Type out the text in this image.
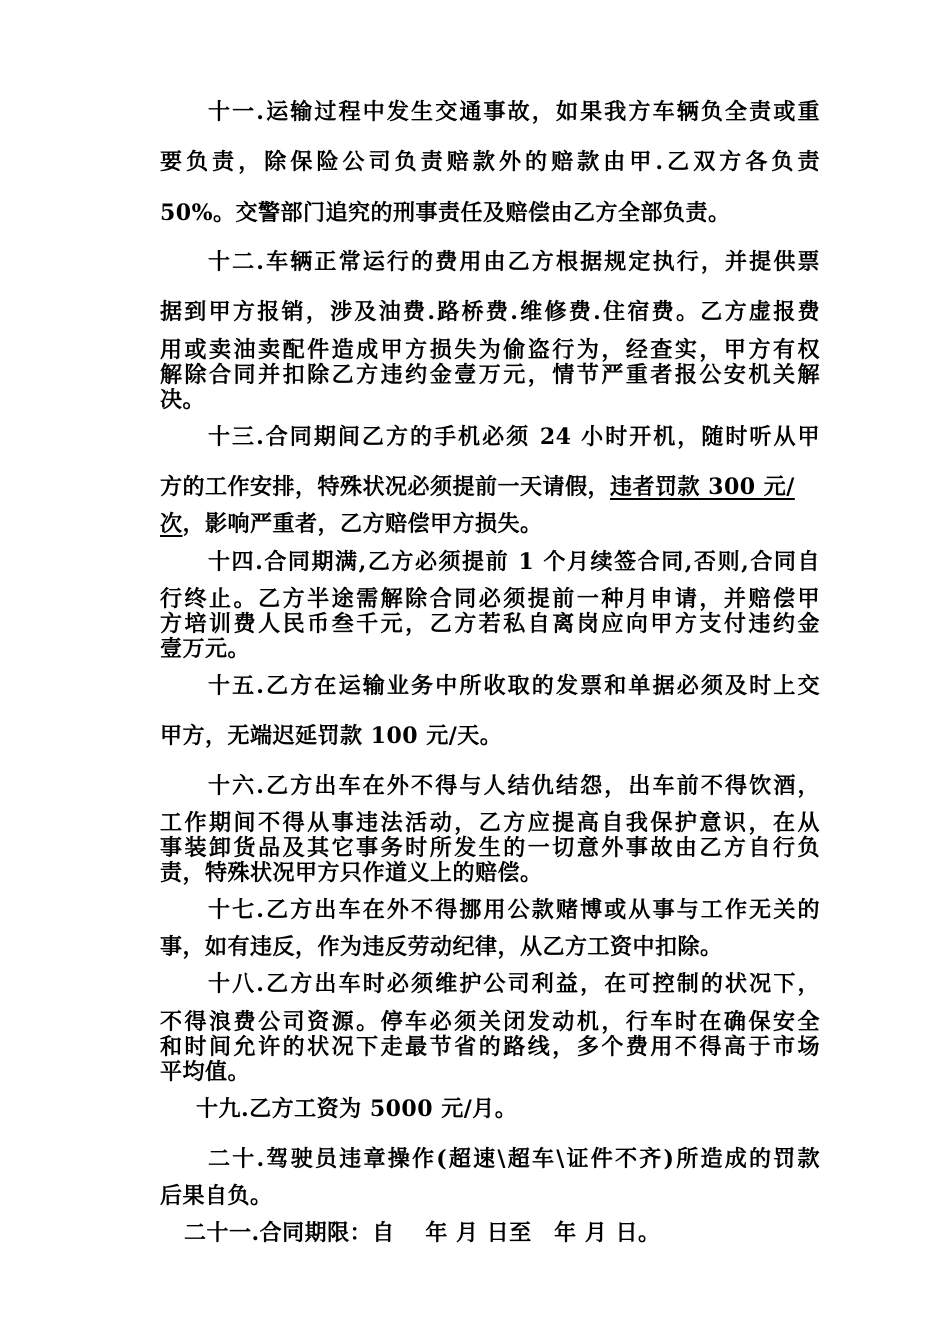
十一.运输过程中发生交通事故，如果我方车辆负全责或重
要负责，除保险公司负责赔款外的赔款由甲.乙双方各负责
50%。交警部门追究的刑事责任及赔偿由乙方全部负责。
十二.车辆正常运行的费用由乙方根据规定执行，并提供票
据到甲方报销，涉及油费.路桥费.维修费.住宿费。乙方虚报费
用或卖油卖配件造成甲方损失为偷盗行为，经查实，甲方有权
解除合同并扣除乙方违约金壹万元，情节严重者报公安机关解
决。
十三.合同期间乙方的手机必须 24 小时开机，随时听从甲
方的工作安排，特殊状况必须提前一天请假，违者罚款 300 元/
次，影响严重者，乙方赔偿甲方损失。
十四.合同期满,乙方必须提前 1 个月续签合同,否则,合同自
行终止。乙方半途需解除合同必须提前一种月申请，并赔偿甲
方培训费人民币叁千元，乙方若私自离岗应向甲方支付违约金
壹万元。
十五.乙方在运输业务中所收取的发票和单据必须及时上交
甲方，无端迟延罚款 100 元/天。
十六.乙方出车在外不得与人结仇结怨，出车前不得饮酒，
工作期间不得从事违法活动，乙方应提高自我保护意识，在从
事装卸货品及其它事务时所发生的一切意外事故由乙方自行负
责，特殊状况甲方只作道义上的赔偿。
十七.乙方出车在外不得挪用公款赌博或从事与工作无关的
事，如有违反，作为违反劳动纪律，从乙方工资中扣除。
十八.乙方出车时必须维护公司利益，在可控制的状况下，
不得浪费公司资源。停车必须关闭发动机，行车时在确保安全
和时间允许的状况下走最节省的路线，多个费用不得高于市场
平均值。
十九.乙方工资为 5000 元/月。
二十.驾驶员违章操作(超速\超车\证件不齐)所造成的罚款
后果自负。
二十一.合同期限：自　 年 月 日至　年 月 日。
